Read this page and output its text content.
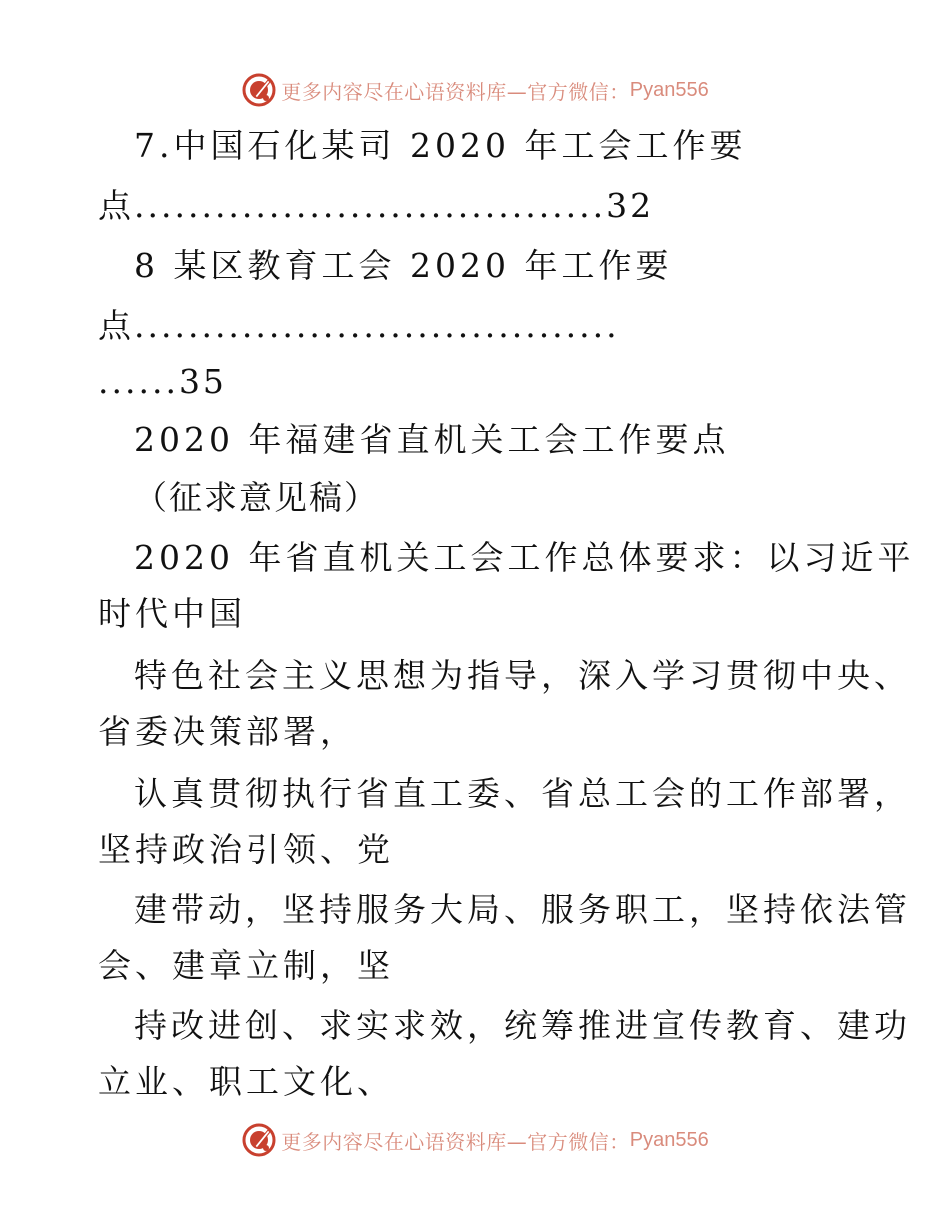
更多内容尽在心语资料库—官方微信： Pyan556
7.中国石化某司 2020 年工会工作要
点...................................32
8 某区教育工会 2020 年工作要
点....................................
......35
2020 年福建省直机关工会工作要点
（征求意见稿）
2020 年省直机关工会工作总体要求：以习近平
时代中国
特色社会主义思想为指导，深入学习贯彻中央、
省委决策部署，
认真贯彻执行省直工委、省总工会的工作部署，
坚持政治引领、党
建带动，坚持服务大局、服务职工，坚持依法管
会、建章立制，坚
持改进创、求实求效，统筹推进宣传教育、建功
立业、职工文化、
更多内容尽在心语资料库—官方微信： Pyan556
